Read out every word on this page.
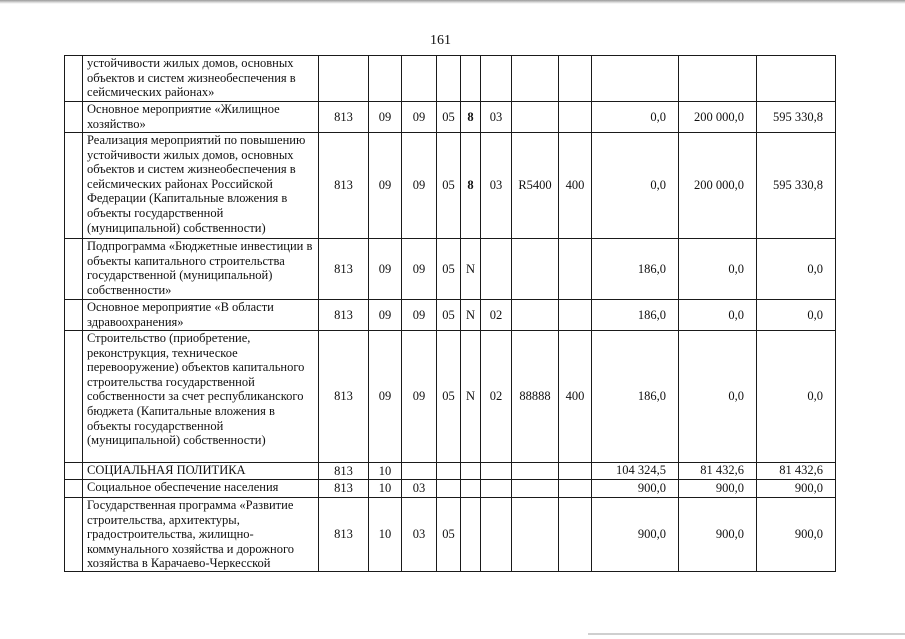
161
	устойчивости жилых домов, основных объектов и систем жизнеобеспечения в сейсмических районах»											
	Основное мероприятие «Жилищное хозяйство»	813	09	09	05	8	03			0,0	200 000,0	595 330,8
	Реализация мероприятий по повышению устойчивости жилых домов, основных объектов и систем жизнеобеспечения в сейсмических районах Российской Федерации (Капитальные вложения в объекты государственной (муниципальной) собственности)	813	09	09	05	8	03	R5400	400	0,0	200 000,0	595 330,8
	Подпрограмма «Бюджетные инвестиции в объекты капитального строительства государственной (муниципальной) собственности»	813	09	09	05	N				186,0	0,0	0,0
	Основное мероприятие «В области здравоохранения»	813	09	09	05	N	02			186,0	0,0	0,0
	Строительство (приобретение, реконструкция, техническое перевооружение) объектов капитального строительства государственной собственности за счет республиканского бюджета (Капитальные вложения в объекты государственной (муниципальной) собственности)	813	09	09	05	N	02	88888	400	186,0	0,0	0,0
	СОЦИАЛЬНАЯ ПОЛИТИКА	813	10							104 324,5	81 432,6	81 432,6
	Социальное обеспечение населения	813	10	03						900,0	900,0	900,0
	Государственная программа «Развитие строительства, архитектуры, градостроительства, жилищно-коммунального хозяйства и дорожного хозяйства в Карачаево-Черкесской	813	10	03	05					900,0	900,0	900,0
